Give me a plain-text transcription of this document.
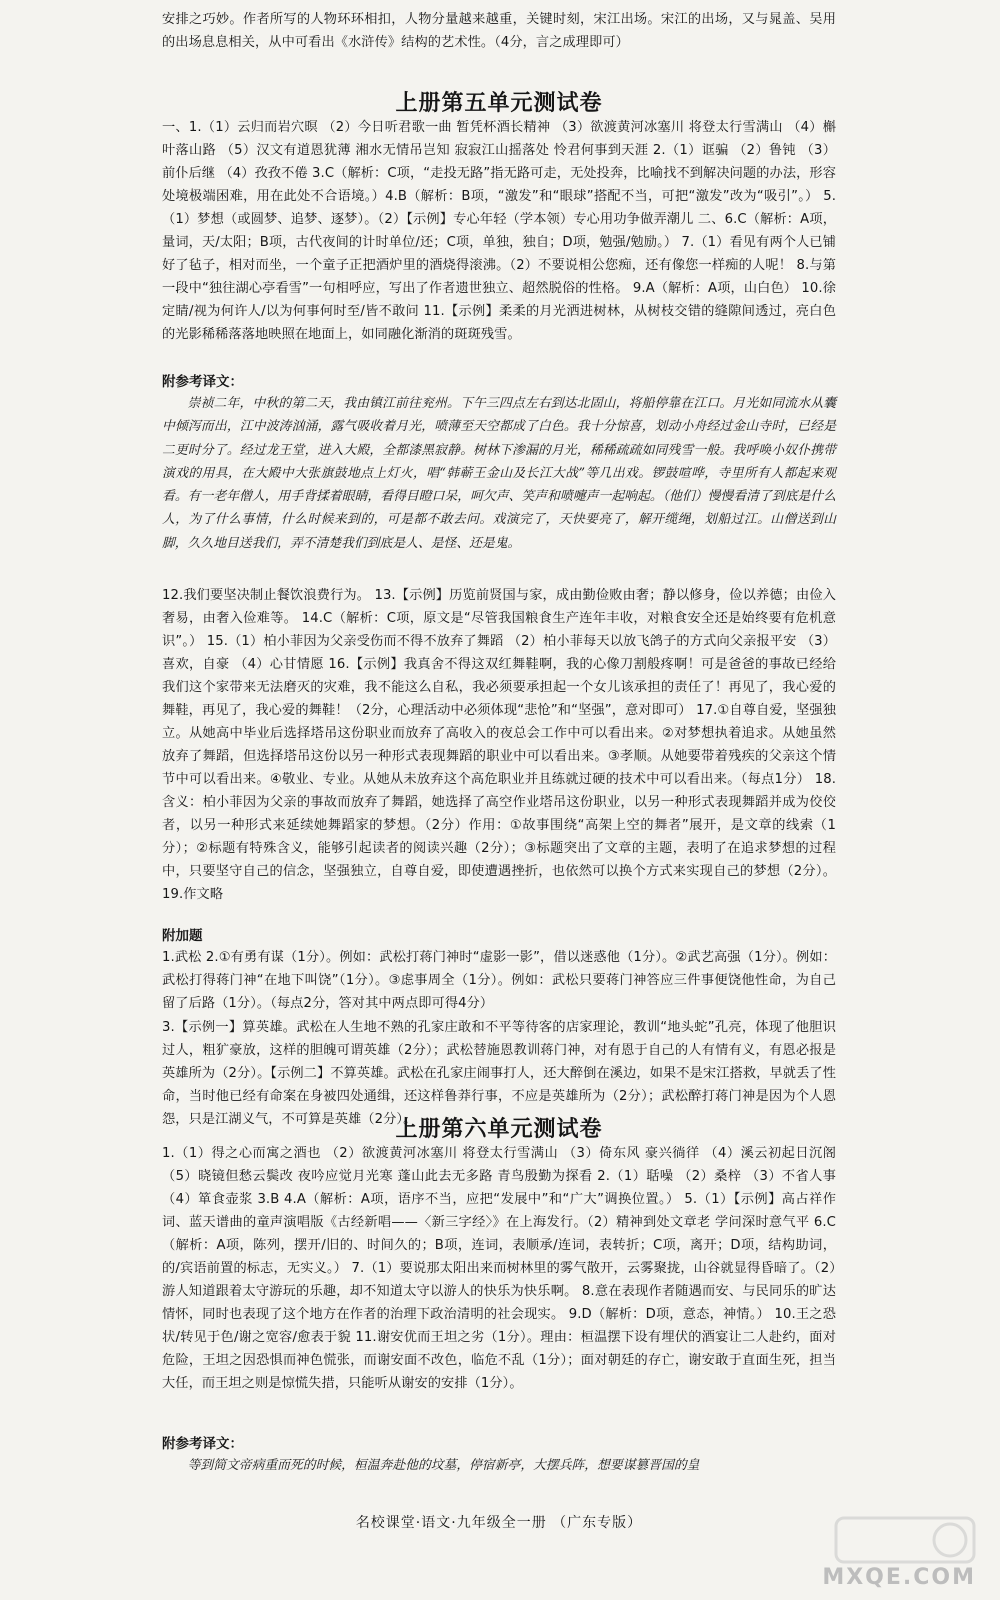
安排之巧妙。作者所写的人物环环相扣，人物分量越来越重，关键时刻，宋江出场。宋江的出场，又与晁盖、吴用的出场息息相关，从中可看出《水浒传》结构的艺术性。（4分，言之成理即可）

上册第五单元测试卷

一、1.（1）云归而岩穴暝 （2）今日听君歌一曲 暂凭杯酒长精神 （3）欲渡黄河冰塞川 将登太行雪满山 （4）槲叶落山路 （5）汉文有道恩犹薄 湘水无情吊岂知 寂寂江山摇落处 怜君何事到天涯 2.（1）诓骗 （2）鲁钝 （3）前仆后继 （4）孜孜不倦 3.C（解析：C项，“走投无路”指无路可走，无处投奔，比喻找不到解决问题的办法，形容处境极端困难，用在此处不合语境。）4.B（解析：B项，“激发”和“眼球”搭配不当，可把“激发”改为“吸引”。） 5.（1）梦想（或圆梦、追梦、逐梦）。（2）【示例】专心年轻（学本领）专心用功争做弄潮儿 二、6.C（解析：A项，量词，天/太阳；B项，古代夜间的计时单位/还；C项，单独，独自；D项，勉强/勉励。） 7.（1）看见有两个人已铺好了毡子，相对而坐，一个童子正把酒炉里的酒烧得滚沸。（2）不要说相公您痴，还有像您一样痴的人呢！ 8.与第一段中“独往湖心亭看雪”一句相呼应，写出了作者遗世独立、超然脱俗的性格。 9.A（解析：A项，山白色） 10.徐定睛/视为何许人/以为何事何时至/皆不敢问 11.【示例】柔柔的月光洒进树林，从树枝交错的缝隙间透过，亮白色的光影稀稀落落地映照在地面上，如同融化渐消的斑斑残雪。

附参考译文：

崇祯二年，中秋的第二天，我由镇江前往兖州。下午三四点左右到达北固山，将船停靠在江口。月光如同流水从囊中倾泻而出，江中波涛汹涌，露气吸收着月光，喷薄至天空都成了白色。我十分惊喜，划动小舟经过金山寺时，已经是二更时分了。经过龙王堂，进入大殿，全都漆黑寂静。树林下渗漏的月光，稀稀疏疏如同残雪一般。我呼唤小奴仆携带演戏的用具，在大殿中大张旗鼓地点上灯火，唱“韩蕲王金山及长江大战”等几出戏。锣鼓喧哗，寺里所有人都起来观看。有一老年僧人，用手背揉着眼睛，看得目瞪口呆，呵欠声、笑声和喷嚏声一起响起。（他们）慢慢看清了到底是什么人，为了什么事情，什么时候来到的，可是都不敢去问。戏演完了，天快要亮了，解开缆绳，划船过江。山僧送到山脚，久久地目送我们，弄不清楚我们到底是人、是怪、还是鬼。

12.我们要坚决制止餐饮浪费行为。 13.【示例】历览前贤国与家，成由勤俭败由奢；静以修身，俭以养德；由俭入奢易，由奢入俭难等。 14.C（解析：C项，原文是“尽管我国粮食生产连年丰收，对粮食安全还是始终要有危机意识”。） 15.（1）柏小菲因为父亲受伤而不得不放弃了舞蹈 （2）柏小菲每天以放飞鸽子的方式向父亲报平安 （3）喜欢，自豪 （4）心甘情愿 16.【示例】我真舍不得这双红舞鞋啊，我的心像刀割般疼啊！可是爸爸的事故已经给我们这个家带来无法磨灭的灾难，我不能这么自私，我必须要承担起一个女儿该承担的责任了！再见了，我心爱的舞鞋，再见了，我心爱的舞鞋！（2分，心理活动中必须体现“悲怆”和“坚强”，意对即可） 17.①自尊自爱，坚强独立。从她高中毕业后选择塔吊这份职业而放弃了高收入的夜总会工作中可以看出来。②对梦想执着追求。从她虽然放弃了舞蹈，但选择塔吊这份以另一种形式表现舞蹈的职业中可以看出来。③孝顺。从她要带着残疾的父亲这个情节中可以看出来。④敬业、专业。从她从未放弃这个高危职业并且练就过硬的技术中可以看出来。（每点1分） 18.含义：柏小菲因为父亲的事故而放弃了舞蹈，她选择了高空作业塔吊这份职业，以另一种形式表现舞蹈并成为佼佼者，以另一种形式来延续她舞蹈家的梦想。（2分）作用：①故事围绕“高架上空的舞者”展开，是文章的线索（1分）；②标题有特殊含义，能够引起读者的阅读兴趣（2分）；③标题突出了文章的主题，表明了在追求梦想的过程中，只要坚守自己的信念，坚强独立，自尊自爱，即使遭遇挫折，也依然可以换个方式来实现自己的梦想（2分）。 19.作文略

附加题

1.武松 2.①有勇有谋（1分）。例如：武松打蒋门神时“虚影一影”，借以迷惑他（1分）。②武艺高强（1分）。例如：武松打得蒋门神“在地下叫饶”（1分）。③虑事周全（1分）。例如：武松只要蒋门神答应三件事便饶他性命，为自己留了后路（1分）。（每点2分，答对其中两点即可得4分）

3.【示例一】算英雄。武松在人生地不熟的孔家庄敢和不平等待客的店家理论，教训“地头蛇”孔亮，体现了他胆识过人，粗犷豪放，这样的胆魄可谓英雄（2分）；武松替施恩教训蒋门神，对有恩于自己的人有情有义，有恩必报是英雄所为（2分）。【示例二】不算英雄。武松在孔家庄闹事打人，还大醉倒在溪边，如果不是宋江搭救，早就丢了性命，当时他已经有命案在身被四处通缉，还这样鲁莽行事，不应是英雄所为（2分）；武松醉打蒋门神是因为个人恩怨，只是江湖义气，不可算是英雄（2分）。

上册第六单元测试卷

1.（1）得之心而寓之酒也 （2）欲渡黄河冰塞川 将登太行雪满山 （3）倚东风 豪兴徜徉 （4）溪云初起日沉阁 （5）晓镜但愁云鬓改 夜吟应觉月光寒 蓬山此去无多路 青鸟殷勤为探看 2.（1）聒噪 （2）桑梓 （3）不省人事 （4）箪食壶浆 3.B 4.A（解析：A项，语序不当，应把“发展中”和“广大”调换位置。） 5.（1）【示例】高占祥作词、蓝天谱曲的童声演唱版《古经新唱——〈新三字经〉》在上海发行。（2）精神到处文章老 学问深时意气平 6.C（解析：A项，陈列，摆开/旧的、时间久的；B项，连词，表顺承/连词，表转折；C项，离开；D项，结构助词，的/宾语前置的标志，无实义。） 7.（1）要说那太阳出来而树林里的雾气散开，云雾聚拢，山谷就显得昏暗了。（2）游人知道跟着太守游玩的乐趣，却不知道太守以游人的快乐为快乐啊。 8.意在表现作者随遇而安、与民同乐的旷达情怀，同时也表现了这个地方在作者的治理下政治清明的社会现实。 9.D（解析：D项，意态，神情。） 10.王之恐状/转见于色/谢之宽容/愈表于貌 11.谢安优而王坦之劣（1分）。理由：桓温摆下设有埋伏的酒宴让二人赴约，面对危险，王坦之因恐惧而神色慌张，而谢安面不改色，临危不乱（1分）；面对朝廷的存亡，谢安敢于直面生死，担当大任，而王坦之则是惊慌失措，只能听从谢安的安排（1分）。

附参考译文：

等到简文帝病重而死的时候，桓温奔赴他的坟墓，停宿新亭，大摆兵阵，想要谋篡晋国的皇

名校课堂·语文·九年级全一册 （广东专版）
MXQE.COM
